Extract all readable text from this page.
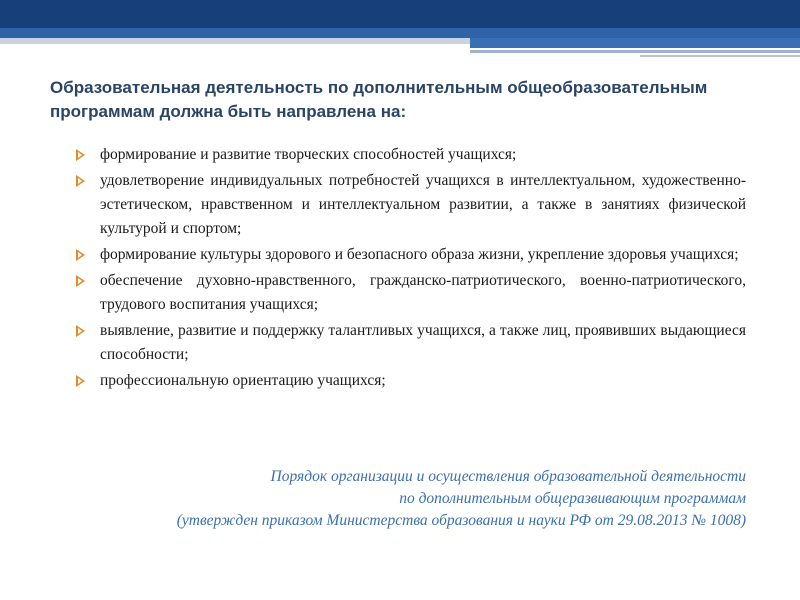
Образовательная деятельность по дополнительным общеобразовательным программам должна быть направлена на:
формирование и развитие творческих способностей учащихся;
удовлетворение индивидуальных потребностей учащихся в интеллектуальном, художественно-эстетическом, нравственном и интеллектуальном развитии, а также в занятиях физической культурой и спортом;
формирование культуры здорового и безопасного образа жизни, укрепление здоровья учащихся;
обеспечение духовно-нравственного, гражданско-патриотического, военно-патриотического, трудового воспитания учащихся;
выявление, развитие и поддержку талантливых учащихся, а также лиц, проявивших выдающиеся способности;
профессиональную ориентацию учащихся;
Порядок организации и осуществления образовательной деятельности
по дополнительным общеразвивающим программам
(утвержден приказом Министерства образования и науки РФ от 29.08.2013 № 1008)
